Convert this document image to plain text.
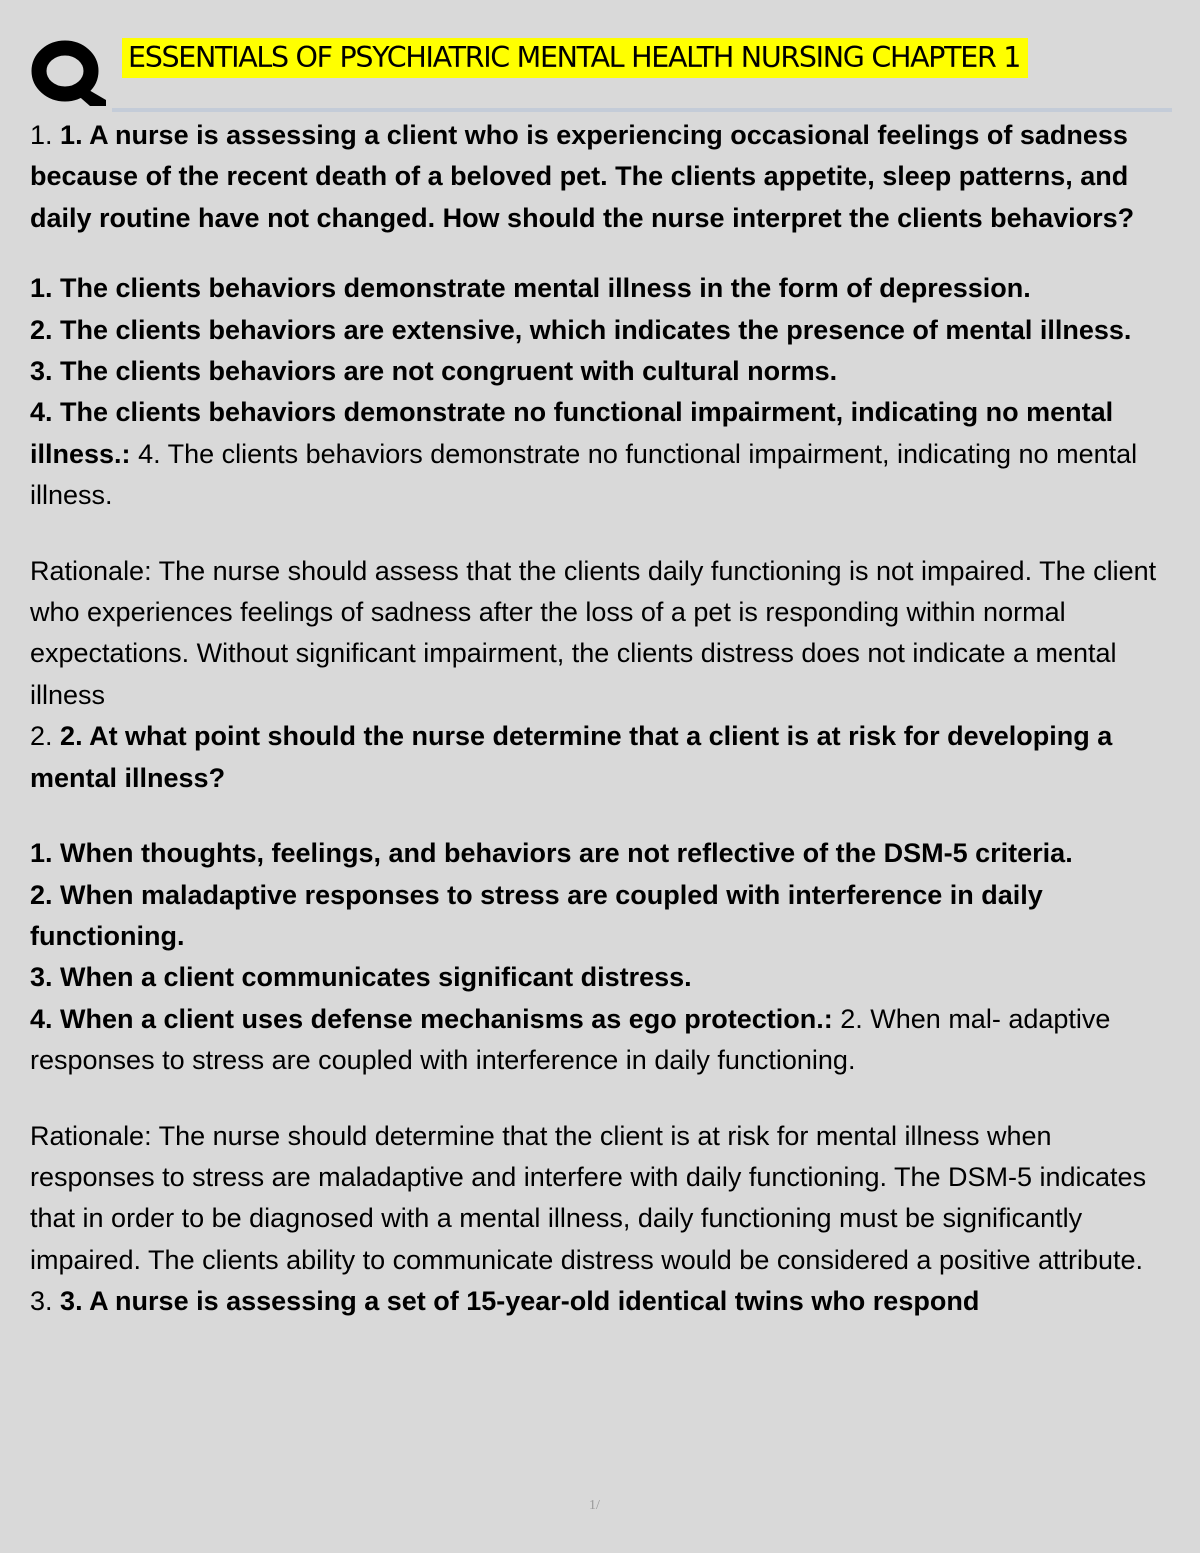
ESSENTIALS OF PSYCHIATRIC MENTAL HEALTH NURSING CHAPTER 1

1. 1. A nurse is assessing a client who is experiencing occasional feelings of sadness because of the recent death of a beloved pet. The clients appetite, sleep patterns, and daily routine have not changed. How should the nurse interpret the clients behaviors?

1. The clients behaviors demonstrate mental illness in the form of depression.

2. The clients behaviors are extensive, which indicates the presence of mental illness.

3. The clients behaviors are not congruent with cultural norms.

4. The clients behaviors demonstrate no functional impairment, indicating no mental illness.: 4. The clients behaviors demonstrate no functional impairment, indicating no mental illness.

Rationale: The nurse should assess that the clients daily functioning is not impaired. The client who experiences feelings of sadness after the loss of a pet is responding within normal expectations. Without significant impairment, the clients distress does not indicate a mental illness

2. 2. At what point should the nurse determine that a client is at risk for developing a mental illness?

1. When thoughts, feelings, and behaviors are not reflective of the DSM-5 criteria.

2. When maladaptive responses to stress are coupled with interference in daily functioning.

3. When a client communicates significant distress.

4. When a client uses defense mechanisms as ego protection.: 2. When mal- adaptive responses to stress are coupled with interference in daily functioning.

Rationale: The nurse should determine that the client is at risk for mental illness when responses to stress are maladaptive and interfere with daily functioning. The DSM-5 indicates that in order to be diagnosed with a mental illness, daily functioning must be significantly impaired. The clients ability to communicate distress would be considered a positive attribute.

3. 3. A nurse is assessing a set of 15-year-old identical twins who respond

1/
